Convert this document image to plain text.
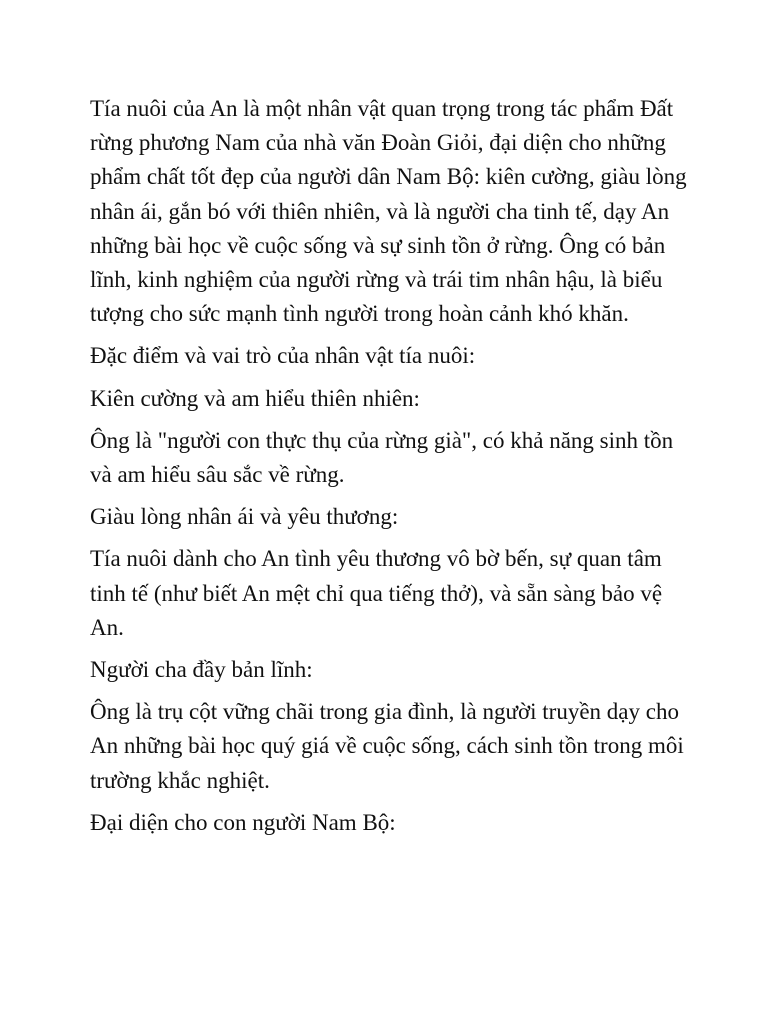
Tía nuôi của An là một nhân vật quan trọng trong tác phẩm Đất rừng phương Nam của nhà văn Đoàn Giỏi, đại diện cho những phẩm chất tốt đẹp của người dân Nam Bộ: kiên cường, giàu lòng nhân ái, gắn bó với thiên nhiên, và là người cha tinh tế, dạy An những bài học về cuộc sống và sự sinh tồn ở rừng. Ông có bản lĩnh, kinh nghiệm của người rừng và trái tim nhân hậu, là biểu tượng cho sức mạnh tình người trong hoàn cảnh khó khăn.

Đặc điểm và vai trò của nhân vật tía nuôi:

Kiên cường và am hiểu thiên nhiên:

Ông là "người con thực thụ của rừng già", có khả năng sinh tồn và am hiểu sâu sắc về rừng.

Giàu lòng nhân ái và yêu thương:

Tía nuôi dành cho An tình yêu thương vô bờ bến, sự quan tâm tinh tế (như biết An mệt chỉ qua tiếng thở), và sẵn sàng bảo vệ An.

Người cha đầy bản lĩnh:

Ông là trụ cột vững chãi trong gia đình, là người truyền dạy cho An những bài học quý giá về cuộc sống, cách sinh tồn trong môi trường khắc nghiệt.

Đại diện cho con người Nam Bộ:
